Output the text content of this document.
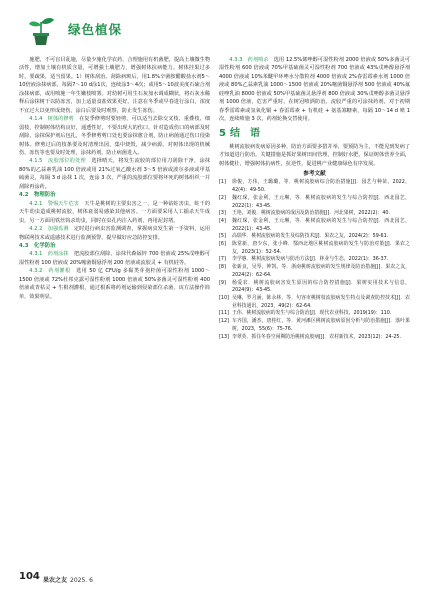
绿色植保

施肥，不可盲目乱施，尽量少施化学农药，合理施用有机菌肥，提高土壤微生物活性，增加土壤有机质含量，可增强土壤肥力，增强树体抗病能力。树体挂果过多时，要疏果，适当留果。1）树体刮治。刮除病斑后，用1.8%辛菌胺醋酸盐水剂5～10倍液涂抹病部，每隔7～10 d涂1次，连续涂3～4次；或用5～10波美度石硫合剂涂抹病部，或用喷施一年生嫩枝喷雾。对幼树可用生石灰加水调成糊状，将石灰水稀释后涂抹树干以防冻害，加上适量食盐效果更好。注意在冬季或早春进行涂白，浓度不宜过大以免形成烧伤，涂白后要及时观察，防止发生冻伤。

4.1.4　树体的修剪　 在复季修剪时要轻剪，可以适当去除交叉枝、重叠枝、细弱枝，控制树体结构良好，通透性好，不要出现大的伤口。针对造成伤口的病部及时刮除，涂抹保护剂后包扎，冬季修剪剪口处也要涂抹愈合剂，防止病菌通过伤口侵染树体。修剪过后的枝条要及时清理出园，集中烧毁，减少病源。对树体出现的机械伤、冻伤等也要及时处理，涂抹药剂，防止病菌进入。

4.1.5　流胶部位的处理　 选择晴天，将发生流胶的部位用刀刮除干净，涂抹 80%的乙蒜素乳油 100 倍液或用 21%过氧乙酸水剂 3～5 倍液或波尔多液或甲基硫菌灵，每隔 3 d 涂抹 1 次，连涂 3 次，严重的流胶部位要将坏死的树体组织一并刮除再涂药。

4.2　物理防治

4.2.1　警惕天牛危害　 天牛是桃树的主要虫害之一，是一种钻蛀害虫，蛀干的天牛幼虫造成桃树流胶，树体衰弱易感染其他病害。一方面要采用人工捕杀天牛成虫，另一方面用铁丝钩杀幼虫，同时在虫孔内注入药剂，再用泥封堵。

4.2.2　加强监测　 定时进行病虫害监测调查，掌握病虫发生第一手资料，运用物联网技术或遥感技术进行监测预警，提早做好应急防控安排。

4.3　化学防治

4.3.1　药剂涂抹　 把流胶部位刮除，涂抹代森锰锌 700 倍液或 25%戊唑醇可湿性粉剂 100 倍液或 20%噻菌铜悬浮剂 200 倍液或流胶灵 + 有机硅等。

4.3.2　药剂灌根　 选用 50 亿 CFU/g 多黏类芽孢杆菌可湿性粉剂 1000～1500 倍液或 72%杜邦克露可湿性粉剂 1000 倍液或 50%多菌灵可湿性粉剂 400 倍液或青枯灵 + 生根剂灌根，通过根系将药剂运输到侵染部位杀菌，该方法操作简单，效果明显。

4.3.3　药剂喷杀　 选用 12.5%烯唑醇可湿性粉剂 2000 倍液或 50%多菌灵可湿性粉剂 600 倍液或 70%甲基硫菌灵可湿性粉剂 700 倍液或 43%戊唑醇悬浮剂 4000 倍液或 10%苯醚甲环唑水分散粒剂 4000 倍液或 2%春雷霉素水剂 1000 倍液或 80%乙蒜素乳油 1000～1500 倍液或 20%噻菌铜悬浮剂 500 倍液或 40%氟硅唑乳油 8000 倍液或 50%甲基硫菌灵悬浮剂 800 倍液或 30%戊唑醇多菌灵悬浮剂 1000 倍液，危害严重时，在树冠喷洒防治。流胶严重的可涂抹药剂，对于初期春季雷霉素或氢氧化铜 + 春雷霉素 + 有机硅 + 氨基寡糖素，每隔 10～14 d 喷 1 次，连续喷施 3 次，药剂轮换交替使用。

5 结　语

桃树流胶病发病原因多种，防治方面要多措并举，要预防为主，不能见到发病了才知道进行防治。关键措施是抓好果树田间管理，控制好水肥，保证树体营养全面，树体健壮，增强树体抗病性，抗逆性，促进桃产业健康绿色有序发展。

参考文献
[1] 徐俊，方伟，王璐璐，等．桃树流胶病综合防治措施[J]．园艺与种苗，2022，42(4)：49-50.
[2] 魏红琛，张金利，王元琳，等．桃树流胶病的发生与综合防控[J]．西北园艺，2022(1)：43-45.
[3] 王艳，刘俊．桃树流胶病的成因及防治措施[J]．河北果树，2022(2)：40.
[4] 魏红琛，张金利，王元琳，等．桃树流胶病的发生与综合防控[J]．西北园艺，2022(1)：43-45.
[5] 高瑞华．桃树流胶病的发生及综防技术[J]．果农之友，2024(2)：59-61.
[6] 陈常新，唐少东，张小峰．鄂西北地区桃树流胶病的发生与防治对策[J]．果农之友，2023(1)：52-54.
[7] 李学惠．桃树流胶病发病与防治方法[J]．林业与生态，2022(1)：36-37.
[8] 张新良，吴琴，钟凯，等．浙南桃树流胶病的发生规律及防治措施[J]．果农之友，2024(2)：62-64.
[9] 杨爱农．桃树流胶病害发生原因的综合防控措施[J]．果树实用技术与信息，2024(9)：43-45.
[10] 吴琳，罗月涵，陈永林，等．句容市桃树枝流胶病发生特点及调查防控技术[J]．农业科技通讯，2023，49(2)：62-64.
[11] 王伟．桃树流胶病的发生与综合防治[J]．现代农业科技，2019(19)：110.
[12] 车齐国，潘杰，唐桂红，等．黄河滩区桃树流胶病原因分析与防治措施[J]．落叶果树，2023，55(6)：75-76.
[13] 李翠英．抓住冬春空闲期防治桃树流胶病[J]．农村新技术，2023(12)：24-25.
104 果农之友 2025. 6
